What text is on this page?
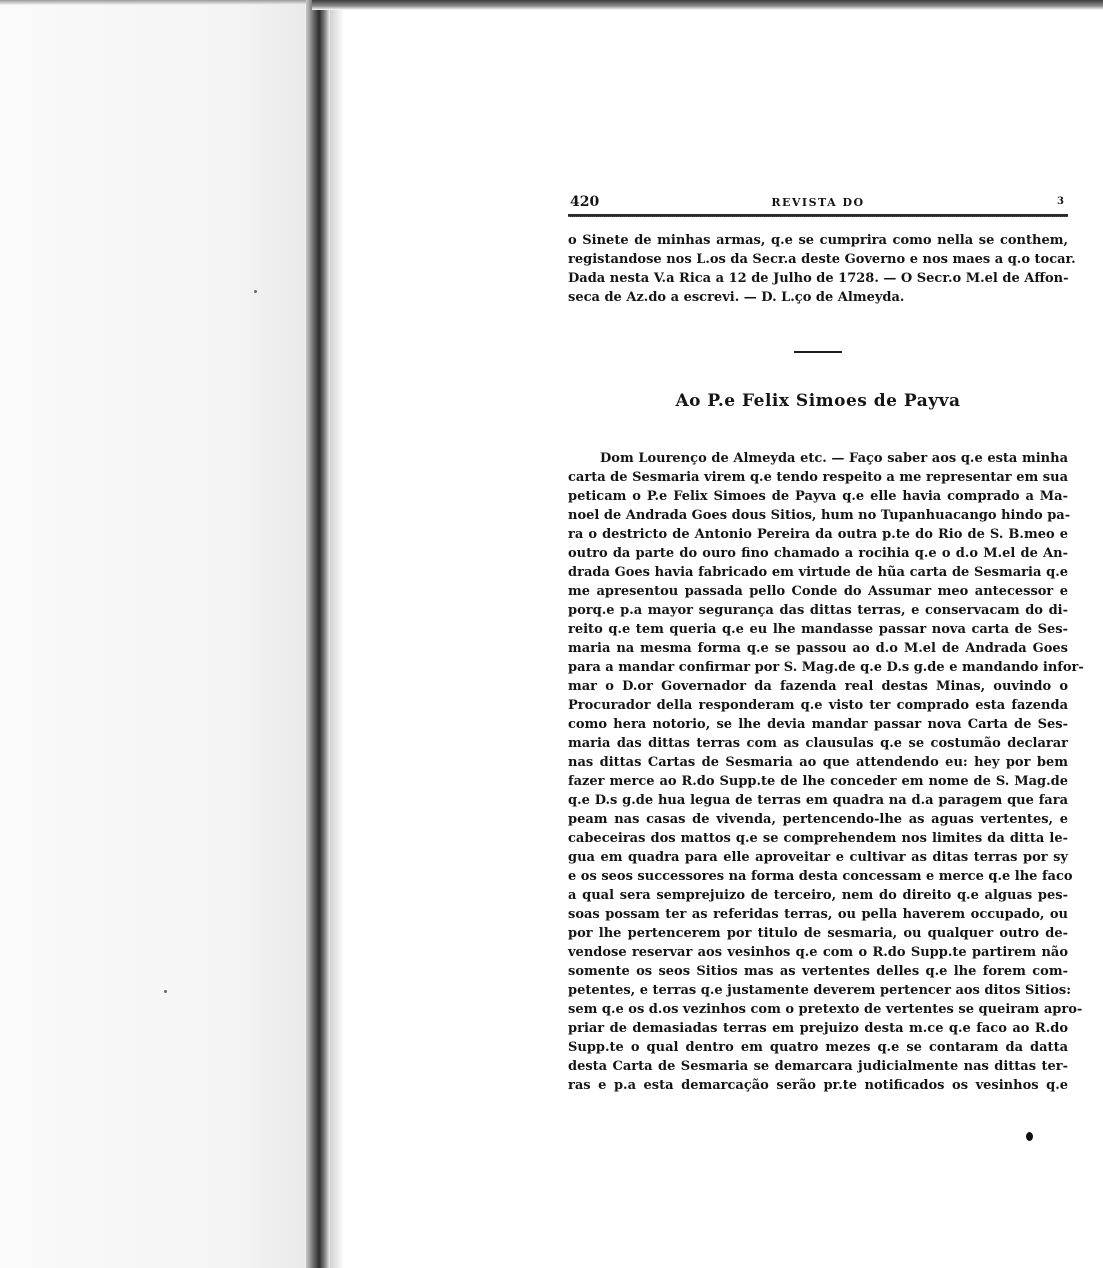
420	REVISTA DO	3
o Sinete de minhas armas, q.e se cumprira como nella se conthem,
registandose nos L.os da Secr.a deste Governo e nos maes a q.o tocar.
Dada nesta V.a Rica a 12 de Julho de 1728. — O Secr.o M.el de Affon-
seca de Az.do a escrevi. — D. L.ço de Almeyda.
Ao P.e Felix Simoes de Payva
Dom Lourenço de Almeyda etc. — Faço saber aos q.e esta minha
carta de Sesmaria virem q.e tendo respeito a me representar em sua
peticam o P.e Felix Simoes de Payva q.e elle havia comprado a Ma-
noel de Andrada Goes dous Sitios, hum no Tupanhuacango hindo pa-
ra o destricto de Antonio Pereira da outra p.te do Rio de S. B.meo e
outro da parte do ouro fino chamado a rocihia q.e o d.o M.el de An-
drada Goes havia fabricado em virtude de hũa carta de Sesmaria q.e
me apresentou passada pello Conde do Assumar meo antecessor e
porq.e p.a mayor segurança das dittas terras, e conservacam do di-
reito q.e tem queria q.e eu lhe mandasse passar nova carta de Ses-
maria na mesma forma q.e se passou ao d.o M.el de Andrada Goes
para a mandar confirmar por S. Mag.de q.e D.s g.de e mandando infor-
mar o D.or Governador da fazenda real destas Minas, ouvindo o
Procurador della responderam q.e visto ter comprado esta fazenda
como hera notorio, se lhe devia mandar passar nova Carta de Ses-
maria das dittas terras com as clausulas q.e se costumão declarar
nas dittas Cartas de Sesmaria ao que attendendo eu: hey por bem
fazer merce ao R.do Supp.te de lhe conceder em nome de S. Mag.de
q.e D.s g.de hua legua de terras em quadra na d.a paragem que fara
peam nas casas de vivenda, pertencendo-lhe as aguas vertentes, e
cabeceiras dos mattos q.e se comprehendem nos limites da ditta le-
gua em quadra para elle aproveitar e cultivar as ditas terras por sy
e os seos successores na forma desta concessam e merce q.e lhe faco
a qual sera semprejuizo de terceiro, nem do direito q.e alguas pes-
soas possam ter as referidas terras, ou pella haverem occupado, ou
por lhe pertencerem por titulo de sesmaria, ou qualquer outro de-
vendose reservar aos vesinhos q.e com o R.do Supp.te partirem não
somente os seos Sitios mas as vertentes delles q.e lhe forem com-
petentes, e terras q.e justamente deverem pertencer aos ditos Sitios:
sem q.e os d.os vezinhos com o pretexto de vertentes se queiram apro-
priar de demasiadas terras em prejuizo desta m.ce q.e faco ao R.do
Supp.te o qual dentro em quatro mezes q.e se contaram da datta
desta Carta de Sesmaria se demarcara judicialmente nas dittas ter-
ras e p.a esta demarcação serão pr.te notificados os vesinhos q.e
